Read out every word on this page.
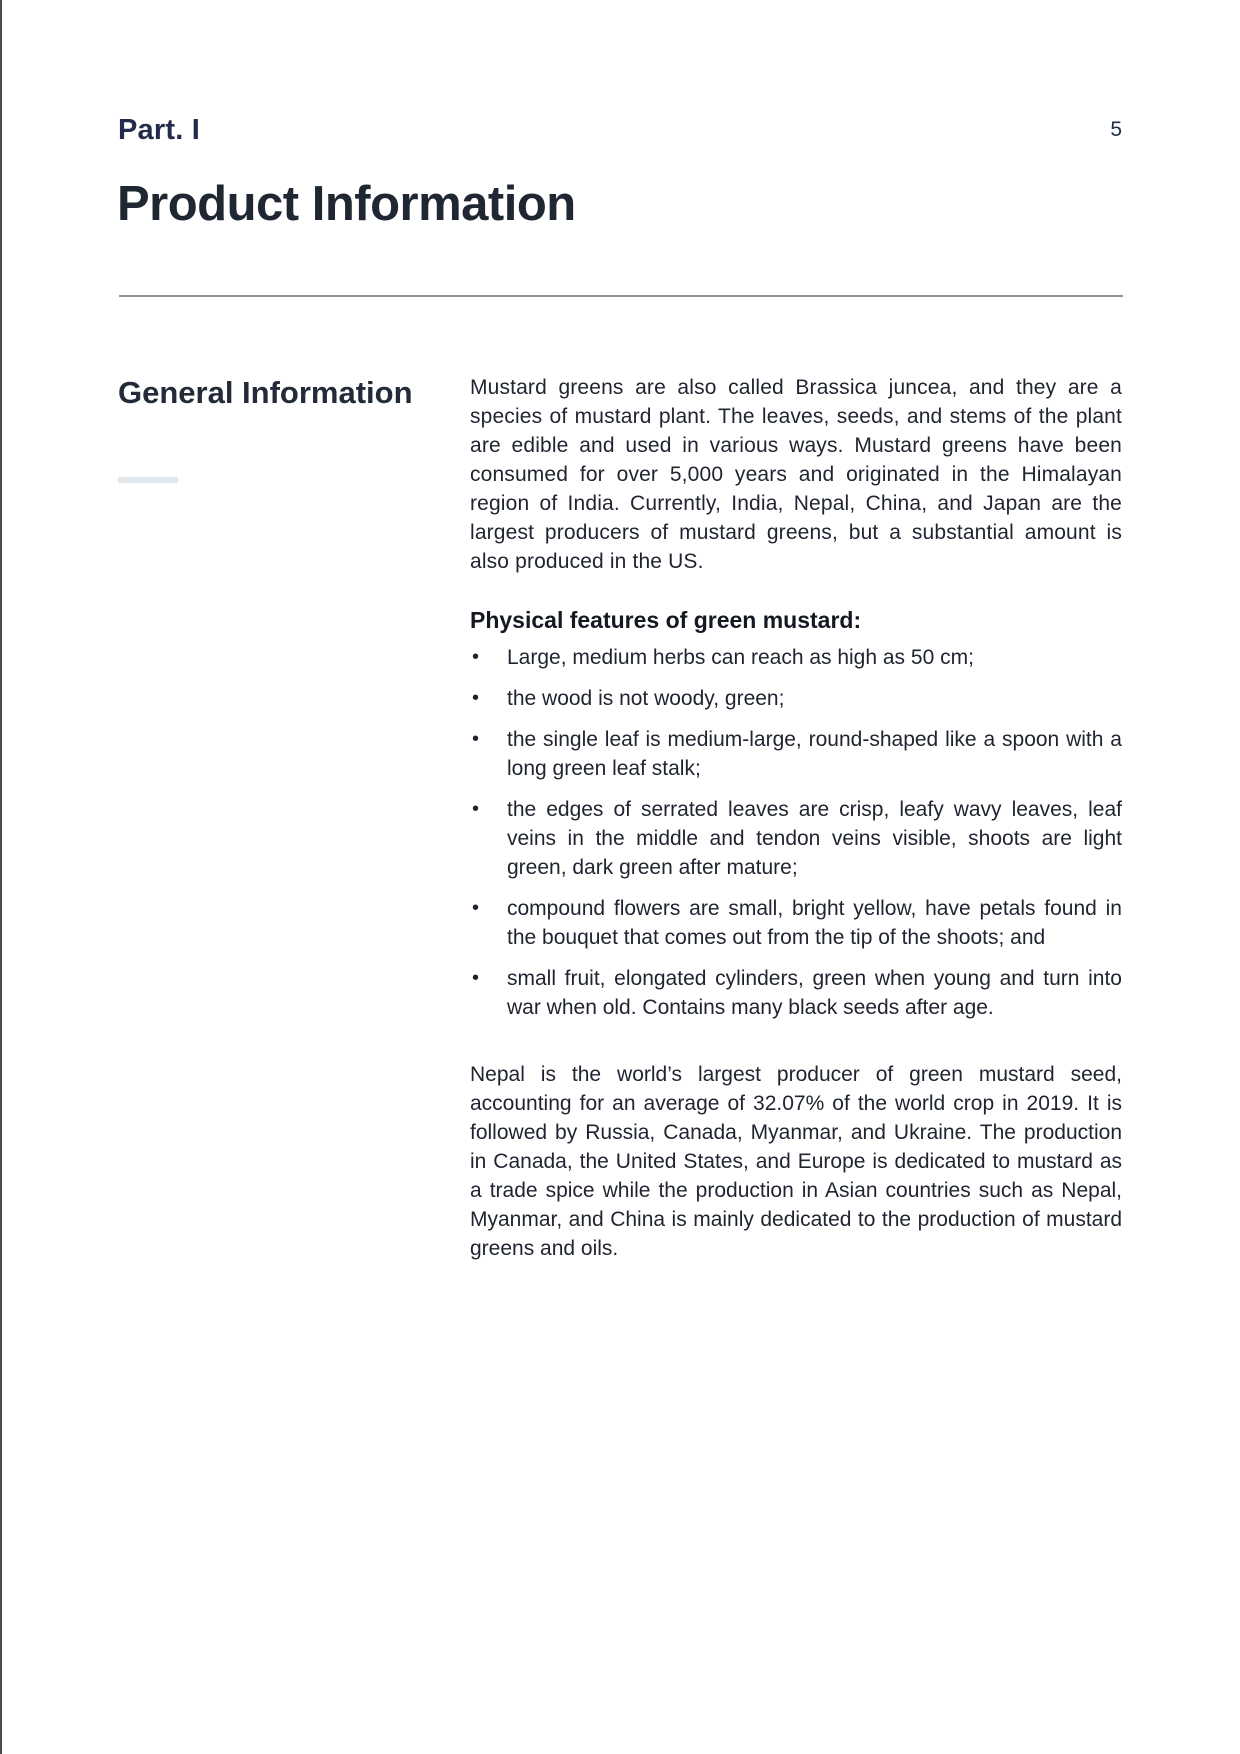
Part. I	5
Product Information
General Information	Mustard greens are also called Brassica juncea, and they are a species of mustard plant. The leaves, seeds, and stems of the plant are edible and used in various ways. Mustard greens have been consumed for over 5,000 years and originated in the Himalayan region of India. Currently, India, Nepal, China, and Japan are the largest producers of mustard greens, but a substantial amount is also produced in the US.

Physical features of green mustard:
• Large, medium herbs can reach as high as 50 cm;
• the wood is not woody, green;
• the single leaf is medium-large, round-shaped like a spoon with a long green leaf stalk;
• the edges of serrated leaves are crisp, leafy wavy leaves, leaf veins in the middle and tendon veins visible, shoots are light green, dark green after mature;
• compound flowers are small, bright yellow, have petals found in the bouquet that comes out from the tip of the shoots; and
• small fruit, elongated cylinders, green when young and turn into war when old. Contains many black seeds after age.

Nepal is the world’s largest producer of green mustard seed, accounting for an average of 32.07% of the world crop in 2019. It is followed by Russia, Canada, Myanmar, and Ukraine. The production in Canada, the United States, and Europe is dedicated to mustard as a trade spice while the production in Asian countries such as Nepal, Myanmar, and China is mainly dedicated to the production of mustard greens and oils.
